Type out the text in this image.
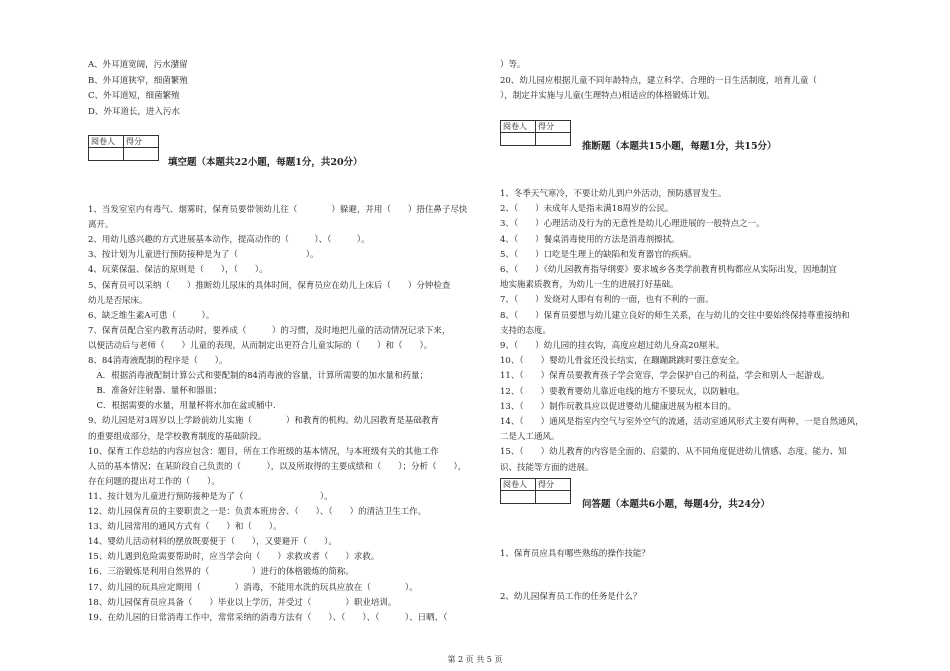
A、外耳道宽阔，污水潴留
B、外耳道狭窄，细菌繁殖
C、外耳道短，细菌繁殖
D、外耳道长，进入污水
阅卷人	得分

填空题（本题共22小题，每题1分，共20分）
1、当发室室内有毒气、烟雾时，保育员要带领幼儿往（　　　　）躲避，并用（　　）捂住鼻子尽快
离开。
2、用幼儿感兴趣的方式进展基本动作，提高动作的（　　　）、（　　　）。
3、按计划为儿童进行预防接种是为了（　　　　　　　　）。
4、玩菜保温、保洁的原则是（　　），（　　）。
5、保育员可以采纳（　　）推断幼儿尿床的具体时间，保育员应在幼儿上床后（　　）分钟检查
幼儿是否尿床。
6、缺乏维生素A可患（　　　）。
7、保育员配合室内教育活动时，要养成（　　　）的习惯，及时地把儿童的活动情况记录下来，
以便活动后与老师（　　）儿童的表现，从而制定出更符合儿童实际的（　　）和（　　）。
8、84消毒液配制的程序是（　　）。
　A．根据消毒液配制计算公式和要配制的84消毒液的容量，计算所需要的加水量和药量；
　B．准备好注射器、量杯和器皿；
　C．根据需要的水量，用量杯将水加在盆或桶中.
9、幼儿园是对3周岁以上学龄前幼儿实施（　　　　）和教育的机构。幼儿园教育是基础教育
的重要组成部分，是学校教育制度的基础阶段。
10、保育工作总结的内容应包含：题目，所在工作班级的基本情况，与本班级有关的其他工作
人员的基本情况；在某阶段自己负责的（　　　），以及所取得的主要成绩和（　　）；分析（　　），
存在问题的提出对工作的（　　）。
11、按计划为儿童进行预防接种是为了（　　　　　　　　　）。
12、幼儿园保育员的主要职责之一是：负责本班房舍、（　　）、（　　）的清洁卫生工作。
13、幼儿园常用的通风方式有（　　）和（　　）。
14、婴幼儿活动材料的摆放既要便于（　　），又要避开（　　）。
15、幼儿遇到危险需要帮助时，应当学会向（　　）求救或者（　　）求救。
16、三浴锻炼是利用自然界的（　　　　　）进行的体格锻炼的简称。
17、幼儿园的玩具应定期用（　　　　）消毒，不能用水洗的玩具应放在（　　　　）。
18、幼儿园保育员应具备（　　）毕业以上学历，并受过（　　　　）职业培训。
19、在幼儿园的日常消毒工作中，常常采纳的消毒方法有（　　）、（　　）、（　　　）、日晒、（　　
）等。
20、幼儿园应根据儿童不同年龄特点，建立科学、合理的一日生活制度，培育儿童（　　　
），制定并实施与儿童(生理特点)相适应的体格锻炼计划。
阅卷人	得分

推断题（本题共15小题，每题1分，共15分）
1、冬季天气寒冷，不要让幼儿到户外活动，预防感冒发生。
2、（　　）未成年人是指未满18周岁的公民。
3、（　　）心理活动及行为的无意性是幼儿心理进展的一般特点之一。
4、（　　）餐桌消毒使用的方法是消毒剂擦拭。
5、（　　）口吃是生理上的缺陷和发育器官的疾病。
6、（　　）《幼儿园教育指导纲要》要求城乡各类学前教育机构都应从实际出发，因地制宜
地实施素质教育，为幼儿一生的进展打好基础。
7、（　　）发烧对人即有有利的一面，也有不利的一面。
8、（　　）保育员要想与幼儿建立良好的师生关系，在与幼儿的交往中要始终保持尊重接纳和
支持的态度。
9、（　　）幼儿园的挂衣钩，高度应超过幼儿身高20厘米。
10、（　　）婴幼儿骨盆还没长结实，在蹦蹦跳跳时要注意安全。
11、（　　）保育员要教育孩子学会宽容，学会保护自己的利益，学会和别人一起游戏。
12、（　　）要教育婴幼儿靠近电线的地方不要玩火，以防触电。
13、（　　）制作玩教具应以促进婴幼儿健康进展为根本目的。
14、（　　）通风是指室内空气与室外空气的流通，活动室通风形式主要有两种，一是自然通风，
二是人工通风。
15、（　　）幼儿教育的内容是全面的、启蒙的、从不同角度促进幼儿情感、态度、能力、知
识、技能等方面的进展。
阅卷人	得分

问答题（本题共6小题，每题4分，共24分）
1、保育员应具有哪些熟练的操作技能？
2、幼儿园保育员工作的任务是什么？
第 2 页 共 5 页
